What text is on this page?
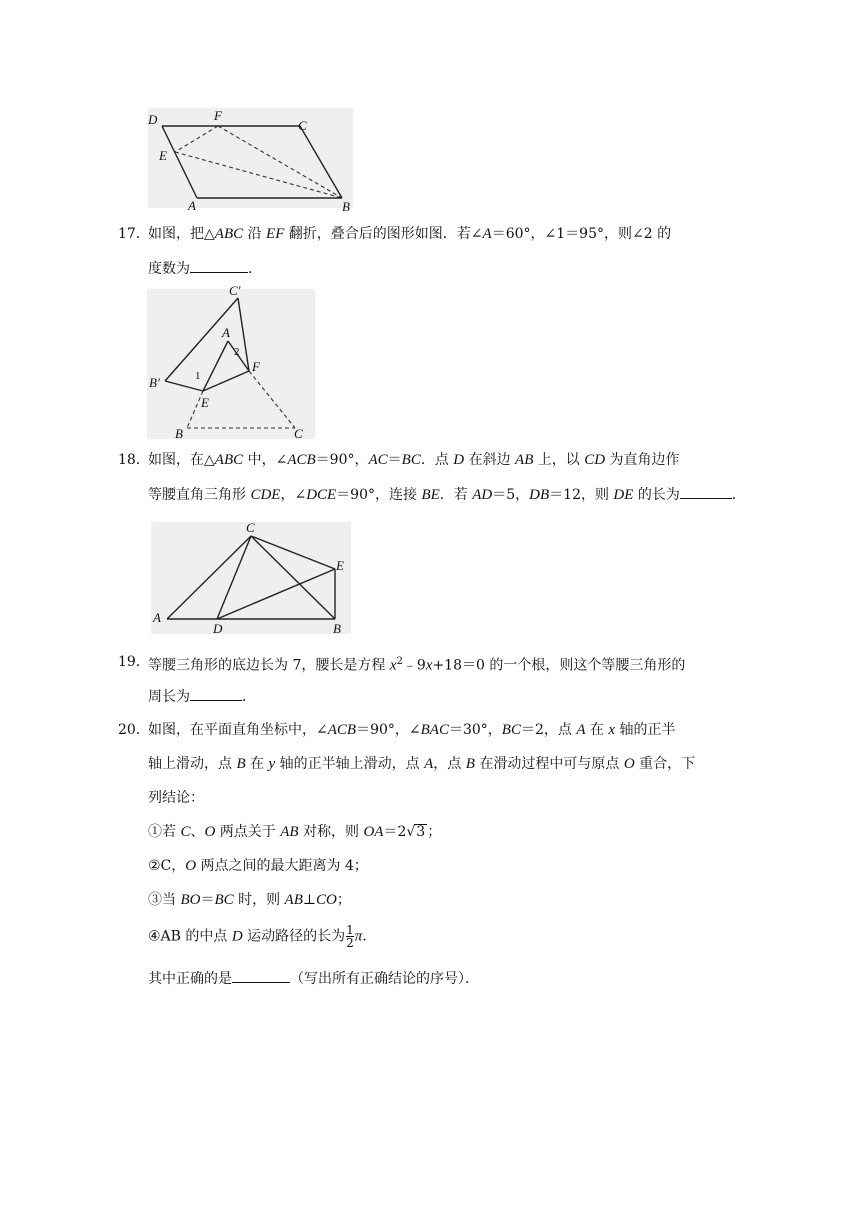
D	F
C
E
A	B
17．
如图，把△ABC 沿 EF 翻折，叠合后的图形如图．若∠A＝60°，∠1＝95°，则∠2 的
度数为	．
C′
A
2
F
B′	1
E
B	C
18．
如图，在△ABC 中，∠ACB＝90°，AC＝BC．点 D 在斜边 AB 上，以 CD 为直角边作
等腰直角三角形 CDE，∠DCE＝90°，连接 BE．若 AD＝5，DB＝12，则 DE 的长为	．
C
E
A
D	B
19．
等腰三角形的底边长为 7，腰长是方程 $x^2﹣9x+18=0$ 的一个根，则这个等腰三角形的
周长为	．
20．
如图，在平面直角坐标中，∠ACB＝90°，∠BAC＝30°，BC＝2，点 A 在 x 轴的正半
轴上滑动，点 B 在 y 轴的正半轴上滑动，点 A，点 B 在滑动过程中可与原点 O 重合，下
列结论：
①若 C、O 两点关于 AB 对称，则 OA＝2√3 ；
②C，O 两点之间的最大距离为 4；
③当 BO＝BC 时，则 AB⊥CO；
④AB 的中点 D 运动路径的长为 $\frac{1}{2}$ π．
其中正确的是	（写出所有正确结论的序号）．
